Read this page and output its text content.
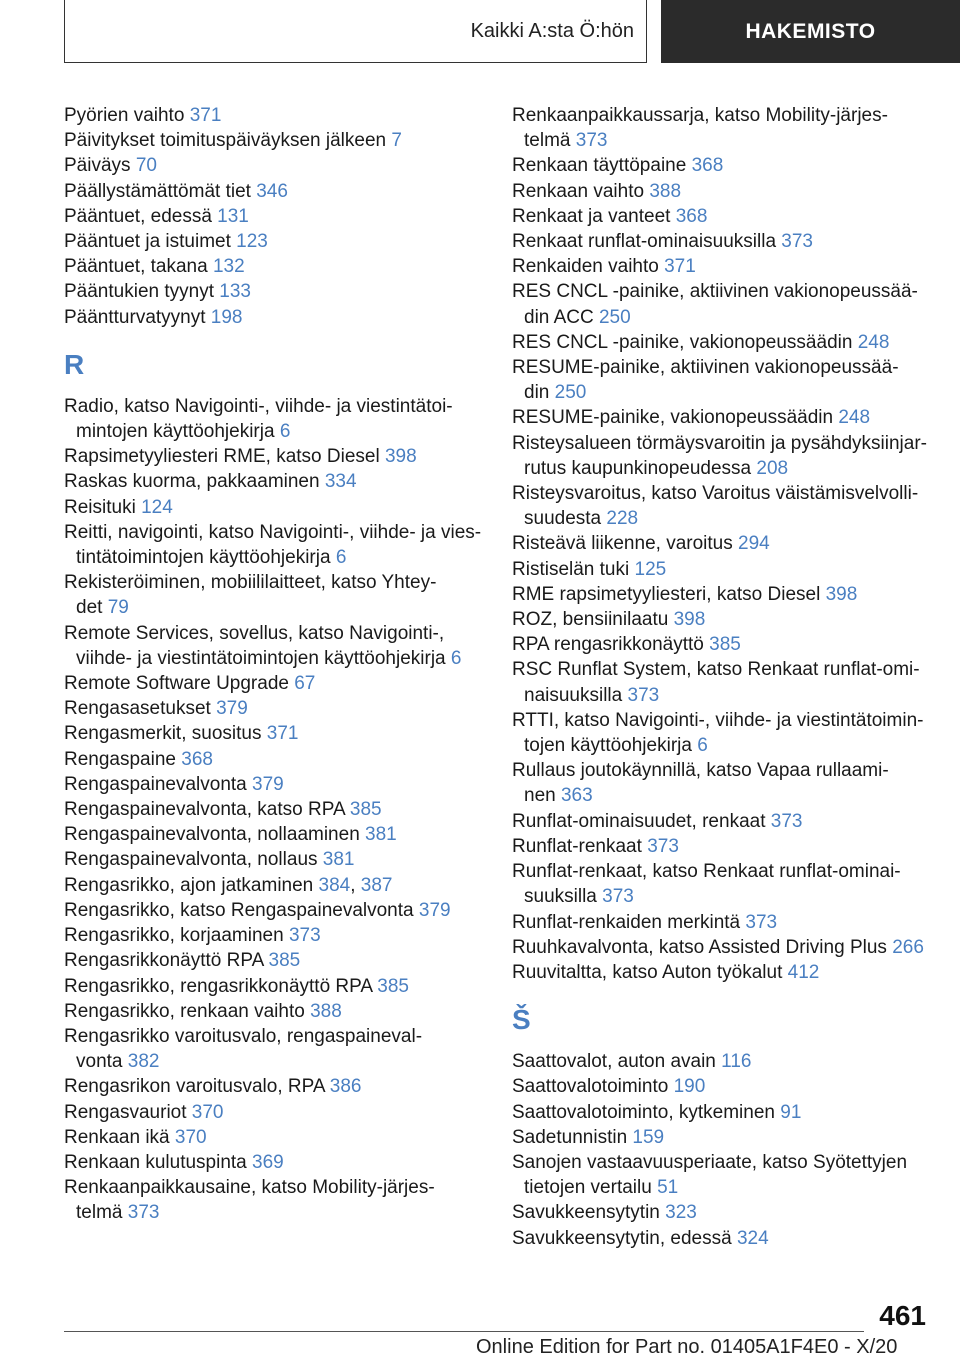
Kaikki A:sta Ö:hön	HAKEMISTO
Pyörien vaihto 371
Päivitykset toimituspäiväyksen jälkeen 7
Päiväys 70
Päällystämättömät tiet 346
Pääntuet, edessä 131
Pääntuet ja istuimet 123
Pääntuet, takana 132
Pääntukien tyynyt 133
Pääntturvatyynyt 198
R
Radio, katso Navigointi-, viihde- ja viestintätoi-
mintojen käyttöohjekirja 6
Rapsimetyyliesteri RME, katso Diesel 398
Raskas kuorma, pakkaaminen 334
Reisituki 124
Reitti, navigointi, katso Navigointi-, viihde- ja vies-
tintätoimintojen käyttöohjekirja 6
Rekisteröiminen, mobiililaitteet, katso Yhtey-
det 79
Remote Services, sovellus, katso Navigointi-,
viihde- ja viestintätoimintojen käyttöohjekirja 6
Remote Software Upgrade 67
Rengasasetukset 379
Rengasmerkit, suositus 371
Rengaspaine 368
Rengaspainevalvonta 379
Rengaspainevalvonta, katso RPA 385
Rengaspainevalvonta, nollaaminen 381
Rengaspainevalvonta, nollaus 381
Rengasrikko, ajon jatkaminen 384, 387
Rengasrikko, katso Rengaspainevalvonta 379
Rengasrikko, korjaaminen 373
Rengasrikkonäyttö RPA 385
Rengasrikko, rengasrikkonäyttö RPA 385
Rengasrikko, renkaan vaihto 388
Rengasrikko varoitusvalo, rengaspaineval-
vonta 382
Rengasrikon varoitusvalo, RPA 386
Rengasvauriot 370
Renkaan ikä 370
Renkaan kulutuspinta 369
Renkaanpaikkausaine, katso Mobility-järjes-
telmä 373
Renkaanpaikkaussarja, katso Mobility-järjes-
telmä 373
Renkaan täyttöpaine 368
Renkaan vaihto 388
Renkaat ja vanteet 368
Renkaat runflat-ominaisuuksilla 373
Renkaiden vaihto 371
RES CNCL -painike, aktiivinen vakionopeussää-
din ACC 250
RES CNCL -painike, vakionopeussäädin 248
RESUME-painike, aktiivinen vakionopeussää-
din 250
RESUME-painike, vakionopeussäädin 248
Risteysalueen törmäysvaroitin ja pysähdyksiinjar-
rutus kaupunkinopeudessa 208
Risteysvaroitus, katso Varoitus väistämisvelvolli-
suudesta 228
Risteävä liikenne, varoitus 294
Ristiselän tuki 125
RME rapsimetyyliesteri, katso Diesel 398
ROZ, bensiinilaatu 398
RPA rengasrikkonäyttö 385
RSC Runflat System, katso Renkaat runflat-omi-
naisuuksilla 373
RTTI, katso Navigointi-, viihde- ja viestintätoimin-
tojen käyttöohjekirja 6
Rullaus joutokäynnillä, katso Vapaa rullaami-
nen 363
Runflat-ominaisuudet, renkaat 373
Runflat-renkaat 373
Runflat-renkaat, katso Renkaat runflat-ominai-
suuksilla 373
Runflat-renkaiden merkintä 373
Ruuhkavalvonta, katso Assisted Driving Plus 266
Ruuvitaltta, katso Auton työkalut 412
Š
Saattovalot, auton avain 116
Saattovalotoiminto 190
Saattovalotoiminto, kytkeminen 91
Sadetunnistin 159
Sanojen vastaavuusperiaate, katso Syötettyjen
tietojen vertailu 51
Savukkeensytytin 323
Savukkeensytytin, edessä 324
461
Online Edition for Part no. 01405A1F4E0 - X/20
